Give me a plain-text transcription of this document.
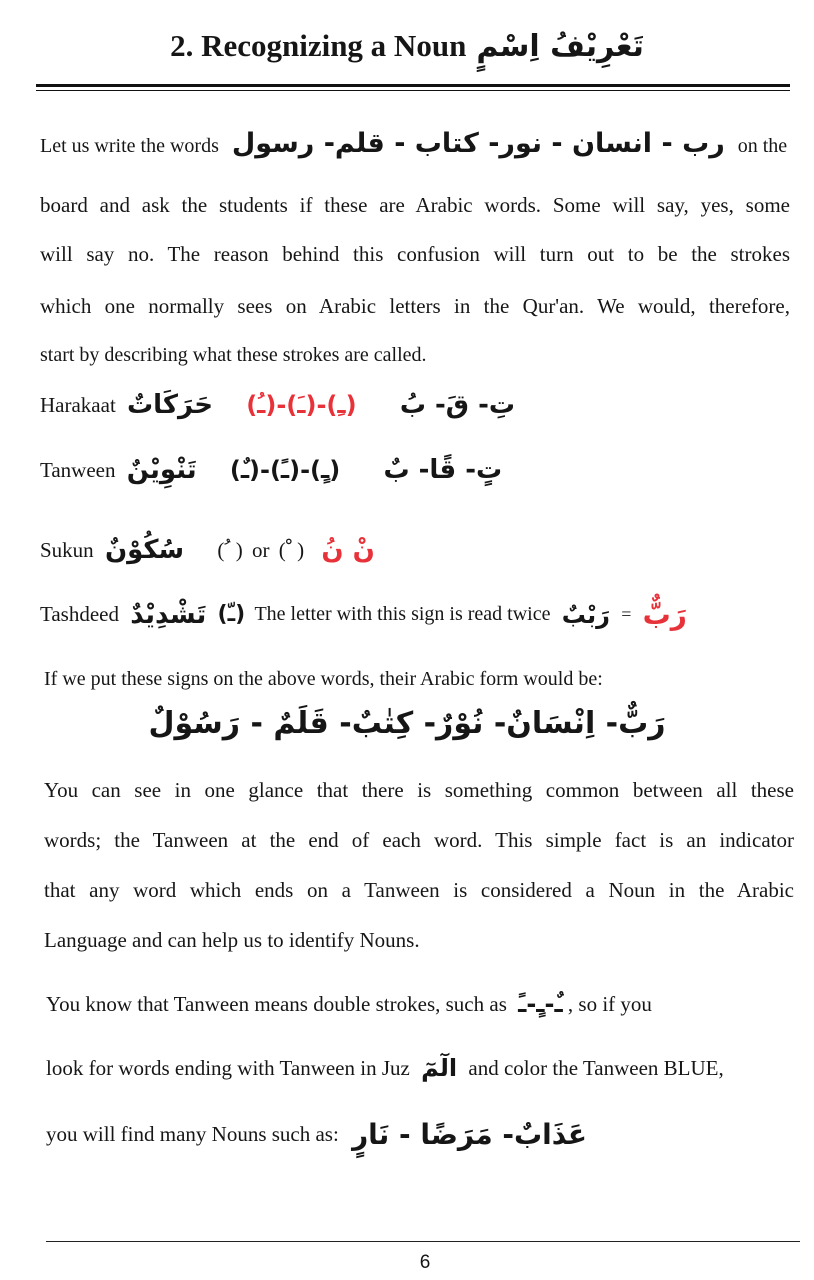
2. Recognizing a Noun تَعْرِيْفُ اِسْمٍ
Let us write the words رب - انسان - نور- كتاب - قلم- رسول on the
board and ask the students if these are Arabic words. Some will say, yes, some
will say no. The reason behind this confusion will turn out to be the strokes
which one normally sees on Arabic letters in the Qur'an. We would, therefore,
start by describing what these strokes are called.
Harakaat حَرَكَاتٌ (ـُ)-(ـَ)-(ـِ) تِ- قَ- بُ
Tanween تَنْوِيْنٌ (ـٌ)-(ـً)-(ـٍ) تٍ- قًا- بٌ
Sukun سُكُوْنٌ ( ُ ) or ( ْ ) نْ نُ
Tashdeed تَشْدِيْدٌ (ـّ) The letter with this sign is read twice رَبْبٌ = رَبٌّ
If we put these signs on the above words, their Arabic form would be:
رَبٌّ- اِنْسَانٌ- نُوْرٌ- كِتٰبٌ- قَلَمٌ - رَسُوْلٌ
You can see in one glance that there is something common between all these
words; the Tanween at the end of each word. This simple fact is an indicator
that any word which ends on a Tanween is considered a Noun in the Arabic
Language and can help us to identify Nouns.
You know that Tanween means double strokes, such as ـٌ-ـٍ-ـً , so if you
look for words ending with Tanween in Juz الٓمٓ and color the Tanween BLUE,
you will find many Nouns such as: عَذَابٌ- مَرَضًا - نَارٍ
6
